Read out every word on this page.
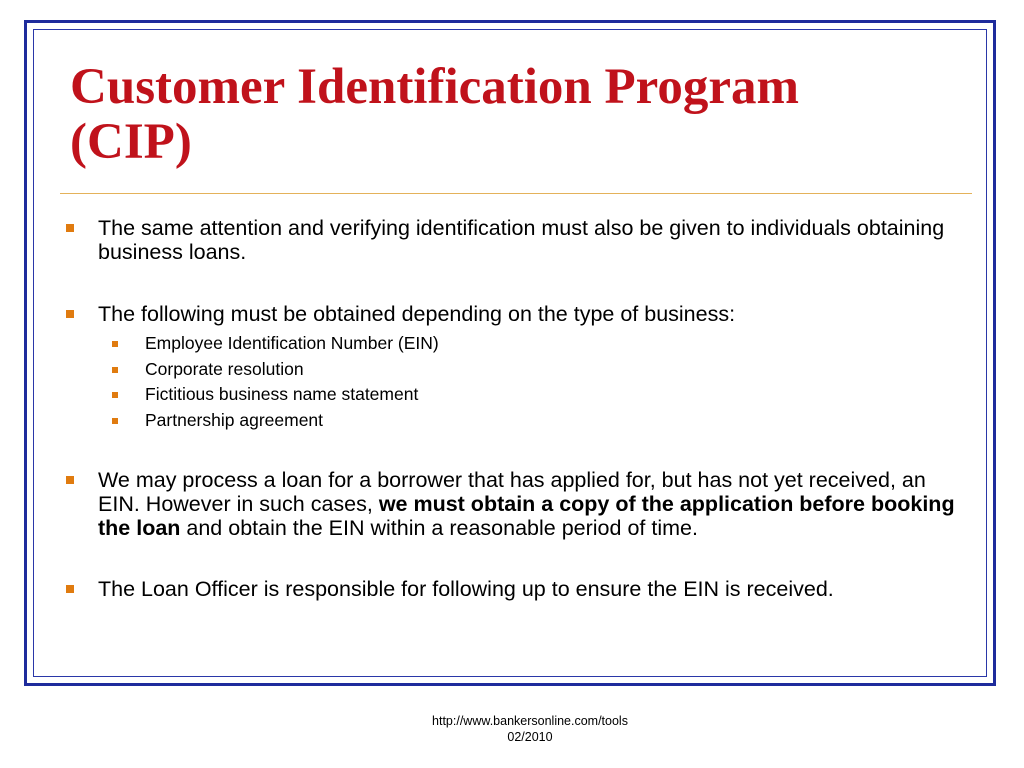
Customer Identification Program
(CIP)
The same attention and verifying identification must also be given to individuals obtaining business loans.
The following must be obtained depending on the type of business:
Employee Identification Number (EIN)
Corporate resolution
Fictitious business name statement
Partnership agreement
We may process a loan for a borrower that has applied for, but has not yet received, an EIN. However in such cases, we must obtain a copy of the application before booking the loan and obtain the EIN within a reasonable period of time.
The Loan Officer is responsible for following up to ensure the EIN is received.
http://www.bankersonline.com/tools
02/2010
